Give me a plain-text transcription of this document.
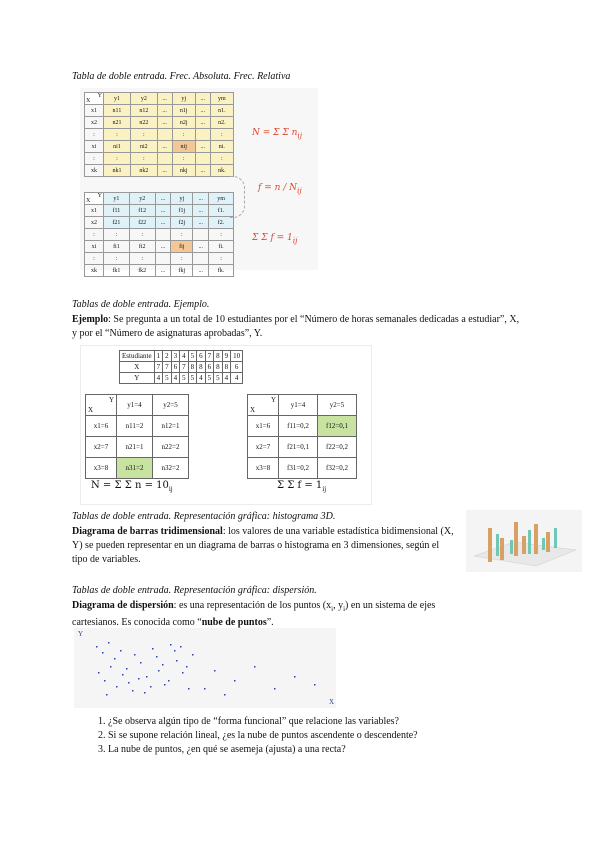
Tabla de doble entrada. Frec. Absoluta. Frec. Relativa
Y
X	y1	y2	...	yj	...	ym
x1	n11	n12	...	n1j	...	n1.
x2	n21	n22	...	n2j	...	n2.
:	:	:		:		:
xi	ni1	ni2	...	nij	...	ni.
:	:	:		:		:
xk	nk1	nk2	...	nkj	...	nk.
Y
X	y1	y2	...	yj	...	ym
x1	f11	f12	...	f1j	...	f1.
x2	f21	f22	...	f2j	...	f2.
:	:	:		:		:
xi	fi1	fi2	...	fij	...	fi.
:	:	:		:		:
xk	fk1	fk2	...	fkj	...	fk.
N = Σ Σ $n_{ij}$
$f = n / N_{ij}$
Σ Σ $f = 1_{ij}$
Tablas de doble entrada. Ejemplo.
Ejemplo: Se pregunta a un total de 10 estudiantes por el “Número de horas semanales dedicadas a estudiar”, X, y por el “Número de asignaturas aprobadas”, Y.
Estudiante	1	2	3	4	5	6	7	8	9	10
X	7	7	6	7	8	8	6	8	8	6
Y	4	5	4	5	5	4	5	5	4	4
Y
X	y1=4	y2=5
x1=6	n11=2	n12=1
x2=7	n21=1	n22=2
x3=8	n31=2	n32=2
Y
X	y1=4	y2=5
x1=6	f11=0,2	f12=0,1
x2=7	f21=0,1	f22=0,2
x3=8	f31=0,2	f32=0,2
N = Σ Σ $n = 10_{ij}$	Σ Σ $f = 1_{ij}$
Tablas de doble entrada. Representación gráfica: histograma 3D.
Diagrama de barras tridimensional: los valores de una variable estadística bidimensional (X, Y) se pueden representar en un diagrama de barras o histograma en 3 dimensiones, según el tipo de variables.
Tablas de doble entrada. Representación gráfica: dispersión.
Diagrama de dispersión: es una representación de los puntos ($x_i$, $y_i$) en un sistema de ejes cartesianos. Es conocida como “nube de puntos”.
Y
X
1. ¿Se observa algún tipo de “forma funcional” que relacione las variables?
2. Si se supone relación lineal, ¿es la nube de puntos ascendente o descendente?
3. La nube de puntos, ¿en qué se asemeja (ajusta) a una recta?
